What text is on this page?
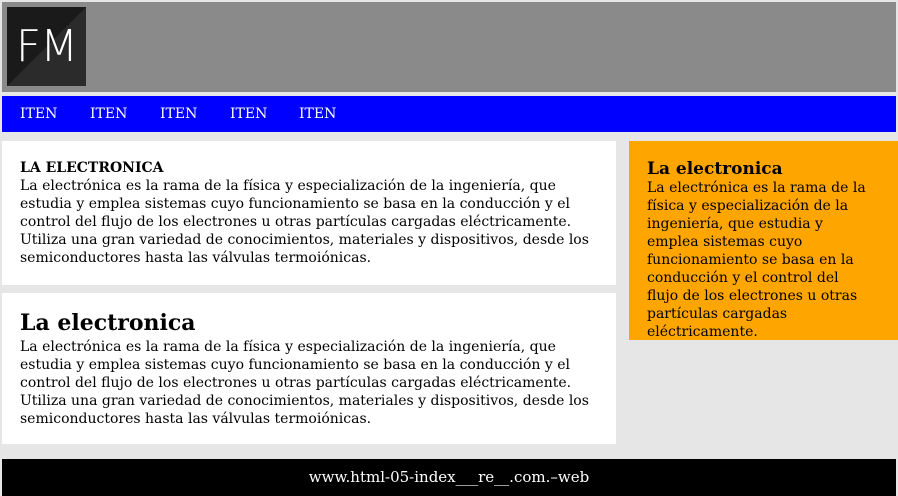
FM
ITEN ITEN ITEN ITEN ITEN
LA ELECTRONICA
La electrónica es la rama de la física y especialización de la ingeniería, que estudia y emplea sistemas cuyo funcionamiento se basa en la conducción y el control del flujo de los electrones u otras partículas cargadas eléctricamente. Utiliza una gran variedad de conocimientos, materiales y dispositivos, desde los semiconductores hasta las válvulas termoiónicas.
La electronica
La electrónica es la rama de la física y especialización de la ingeniería, que estudia y emplea sistemas cuyo funcionamiento se basa en la conducción y el control del flujo de los electrones u otras partículas cargadas eléctricamente. Utiliza una gran variedad de conocimientos, materiales y dispositivos, desde los semiconductores hasta las válvulas termoiónicas.
La electronica
La electrónica es la rama de la física y especialización de la ingeniería, que estudia y emplea sistemas cuyo funcionamiento se basa en la conducción y el control del flujo de los electrones u otras partículas cargadas eléctricamente.
www.html-05-index___re__.com.–web
